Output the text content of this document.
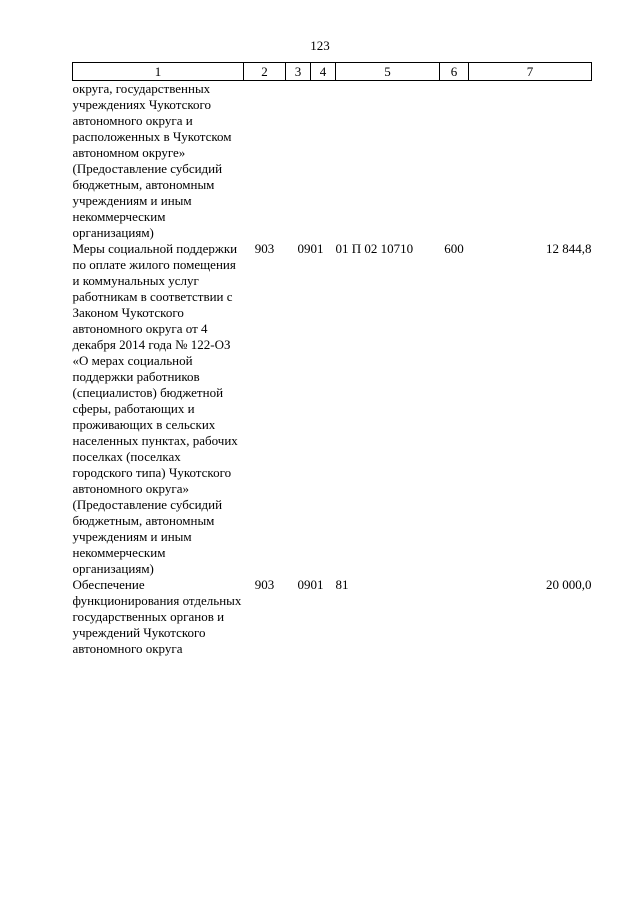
123
1	2	3	4	5	6	7
округа, государственных учреждениях Чукотского автономного округа и расположенных в Чукотском автономном округе» (Предоставление субсидий бюджетным, автономным учреждениям и иным некоммерческим организациям)						
Меры социальной поддержки по оплате жилого помещения и коммунальных услуг работникам в соответствии с Законом Чукотского автономного округа от 4 декабря 2014 года № 122-ОЗ «О мерах социальной поддержки работников (специалистов) бюджетной сферы, работающих и проживающих в сельских населенных пунктах, рабочих поселках (поселках городского типа) Чукотского автономного округа» (Предоставление субсидий бюджетным, автономным учреждениям и иным некоммерческим организациям)	903	09	01	01 П 02 10710	600	12 844,8
Обеспечение функционирования отдельных государственных органов и учреждений Чукотского автономного округа	903	09	01	81		20 000,0
